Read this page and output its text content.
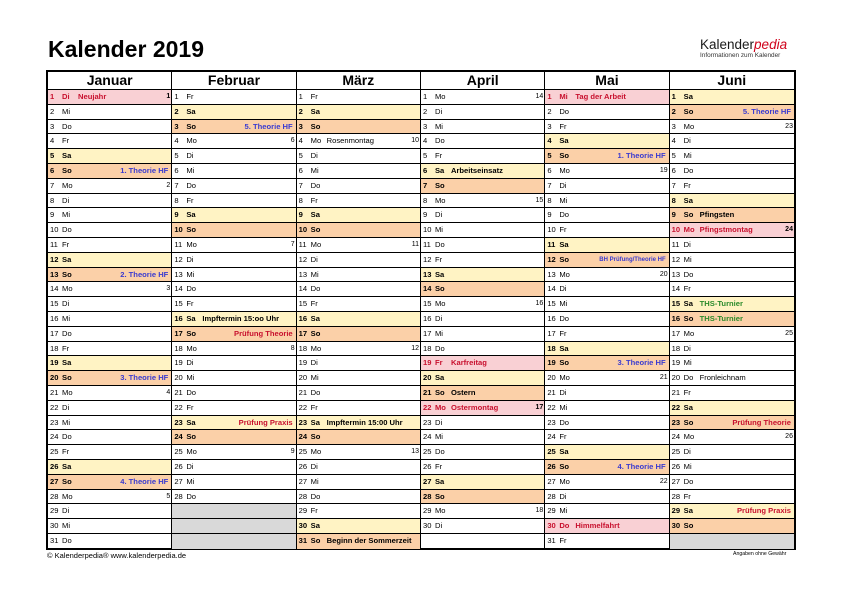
Kalender 2019	Kalenderpedia
Informationen zum Kalender
Januar
1 Di Neujahr	1
2 Mi
3 Do
4 Fr
5 Sa
6 So	1. Theorie HF
7 Mo	2
8 Di
9 Mi
10 Do
11 Fr
12 Sa
13 So	2. Theorie HF
14 Mo	3
15 Di
16 Mi
17 Do
18 Fr
19 Sa
20 So	3. Theorie HF
21 Mo	4
22 Di
23 Mi
24 Do
25 Fr
26 Sa
27 So	4. Theorie HF
28 Mo	5
29 Di
30 Mi
31 Do
Februar
1 Fr
2 Sa
3 So	5. Theorie HF
4 Mo	6
5 Di
6 Mi
7 Do
8 Fr
9 Sa
10 So
11 Mo	7
12 Di
13 Mi
14 Do
15 Fr
16 Sa Impftermin 15:oo Uhr
17 So	Prüfung Theorie
18 Mo	8
19 Di
20 Mi
21 Do
22 Fr
23 Sa	Prüfung Praxis
24 So
25 Mo	9
26 Di
27 Mi
28 Do
März
1 Fr
2 Sa
3 So
4 Mo Rosenmontag	10
5 Di
6 Mi
7 Do
8 Fr
9 Sa
10 So
11 Mo	11
12 Di
13 Mi
14 Do
15 Fr
16 Sa
17 So
18 Mo	12
19 Di
20 Mi
21 Do
22 Fr
23 Sa Impftermin 15:00 Uhr
24 So
25 Mo	13
26 Di
27 Mi
28 Do
29 Fr
30 Sa
31 So Beginn der Sommerzeit
April
1 Mo	14
2 Di
3 Mi
4 Do
5 Fr
6 Sa Arbeitseinsatz
7 So
8 Mo	15
9 Di
10 Mi
11 Do
12 Fr
13 Sa
14 So
15 Mo	16
16 Di
17 Mi
18 Do
19 Fr Karfreitag
20 Sa
21 So Ostern
22 Mo Ostermontag	17
23 Di
24 Mi
25 Do
26 Fr
27 Sa
28 So
29 Mo	18
30 Di
Mai
1 Mi Tag der Arbeit
2 Do
3 Fr
4 Sa
5 So	1. Theorie HF
6 Mo	19
7 Di
8 Mi
9 Do
10 Fr
11 Sa
12 So	BH Prüfung/Theorie HF
13 Mo	20
14 Di
15 Mi
16 Do
17 Fr
18 Sa
19 So	3. Theorie HF
20 Mo	21
21 Di
22 Mi
23 Do
24 Fr
25 Sa
26 So	4. Theorie HF
27 Mo	22
28 Di
29 Mi
30 Do Himmelfahrt
31 Fr
Juni
1 Sa
2 So	5. Theorie HF
3 Mo	23
4 Di
5 Mi
6 Do
7 Fr
8 Sa
9 So Pfingsten
10 Mo Pfingstmontag	24
11 Di
12 Mi
13 Do
14 Fr
15 Sa THS-Turnier
16 So THS-Turnier
17 Mo	25
18 Di
19 Mi
20 Do Fronleichnam
21 Fr
22 Sa
23 So	Prüfung Theorie
24 Mo	26
25 Di
26 Mi
27 Do
28 Fr
29 Sa	Prüfung Praxis
30 So
© Kalenderpedia® www.kalenderpedia.de	Angaben ohne Gewähr
